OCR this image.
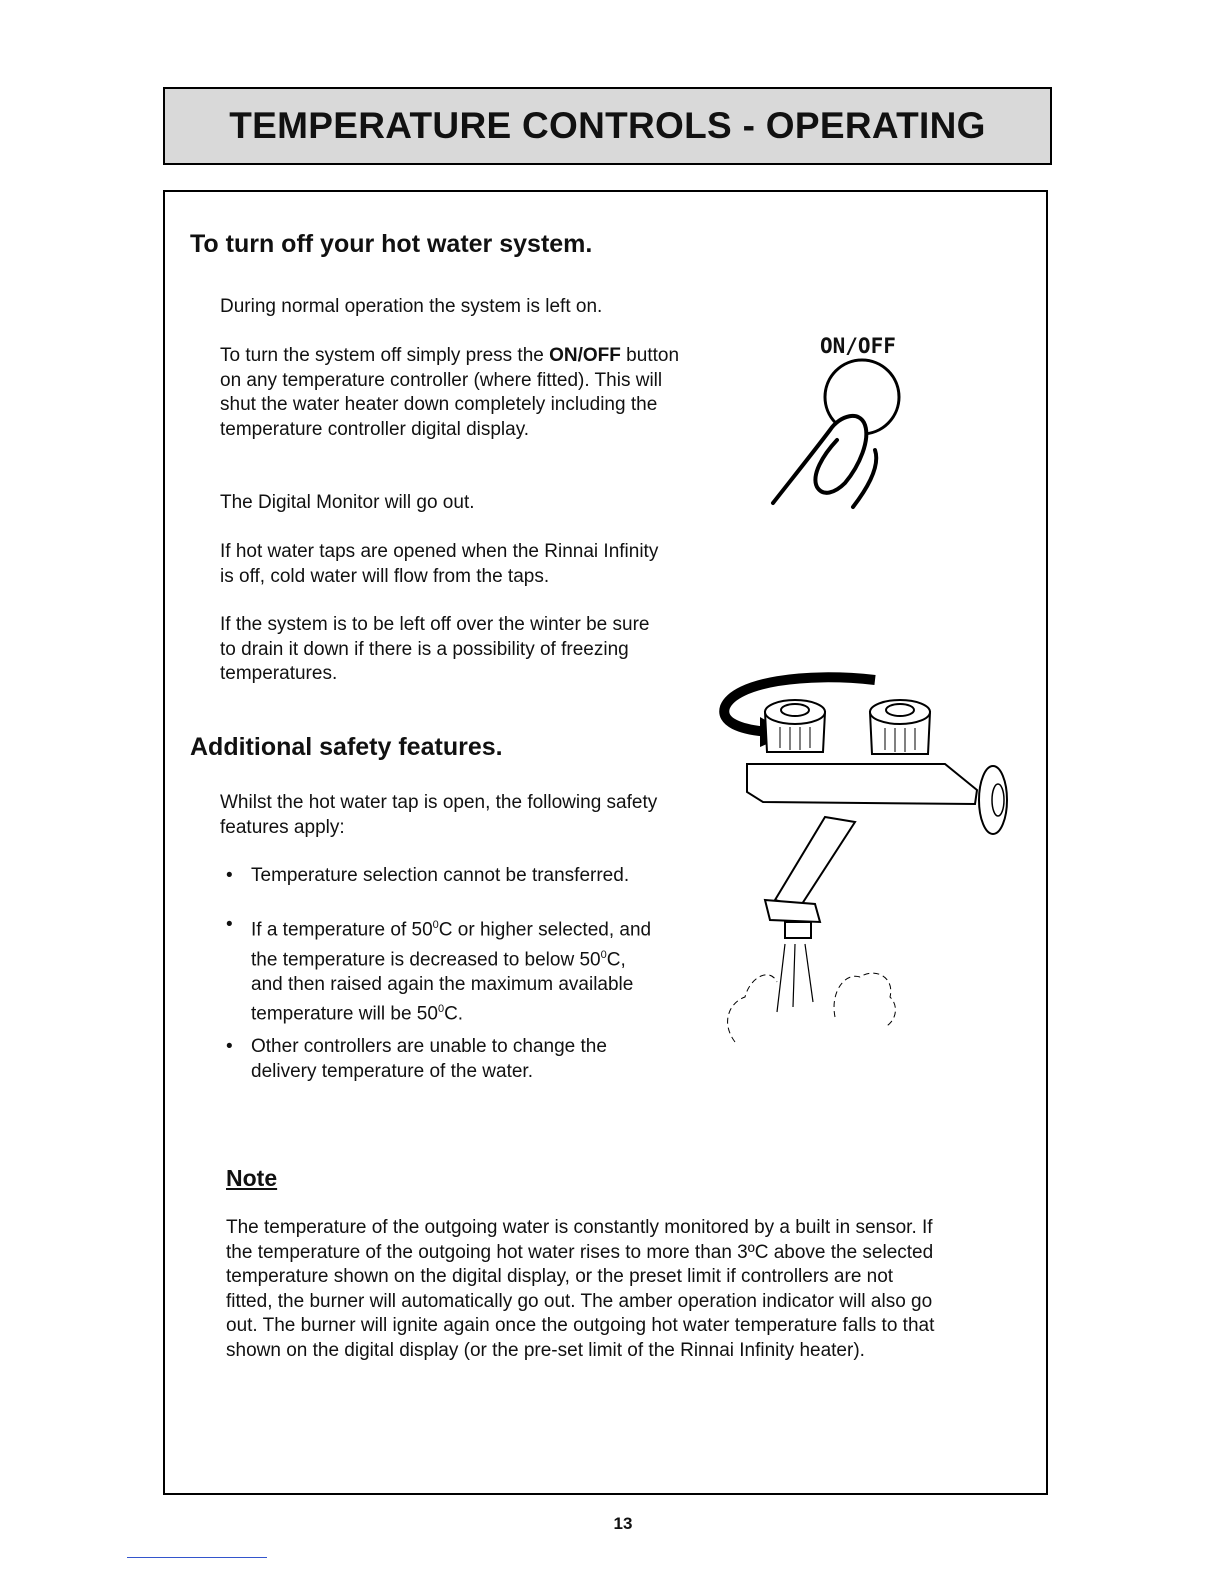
TEMPERATURE CONTROLS - OPERATING
To turn off your hot water system.

During normal operation the system is left on.

To turn the system off simply press the ON/OFF button on any temperature controller (where fitted). This will shut the water heater down completely including the temperature controller digital display.

The Digital Monitor will go out.

If hot water taps are opened when the Rinnai Infinity is off, cold water will flow from the taps.

If the system is to be left off over the winter be sure to drain it down if there is a possibility of freezing temperatures.

ON/OFF
Additional safety features.

Whilst the hot water tap is open, the following safety features apply:

• Temperature selection cannot be transferred.
• If a temperature of $50^0C$ or higher selected, and the temperature is decreased to below $50^0C$, and then raised again the maximum available temperature will be $50^0C$.
• Other controllers are unable to change the delivery temperature of the water.
Note

The temperature of the outgoing water is constantly monitored by a built in sensor. If the temperature of the outgoing hot water rises to more than 3ºC above the selected temperature shown on the digital display, or the preset limit if controllers are not fitted, the burner will automatically go out. The amber operation indicator will also go out. The burner will ignite again once the outgoing hot water temperature falls to that shown on the digital display (or the pre-set limit of the Rinnai Infinity heater).

13
